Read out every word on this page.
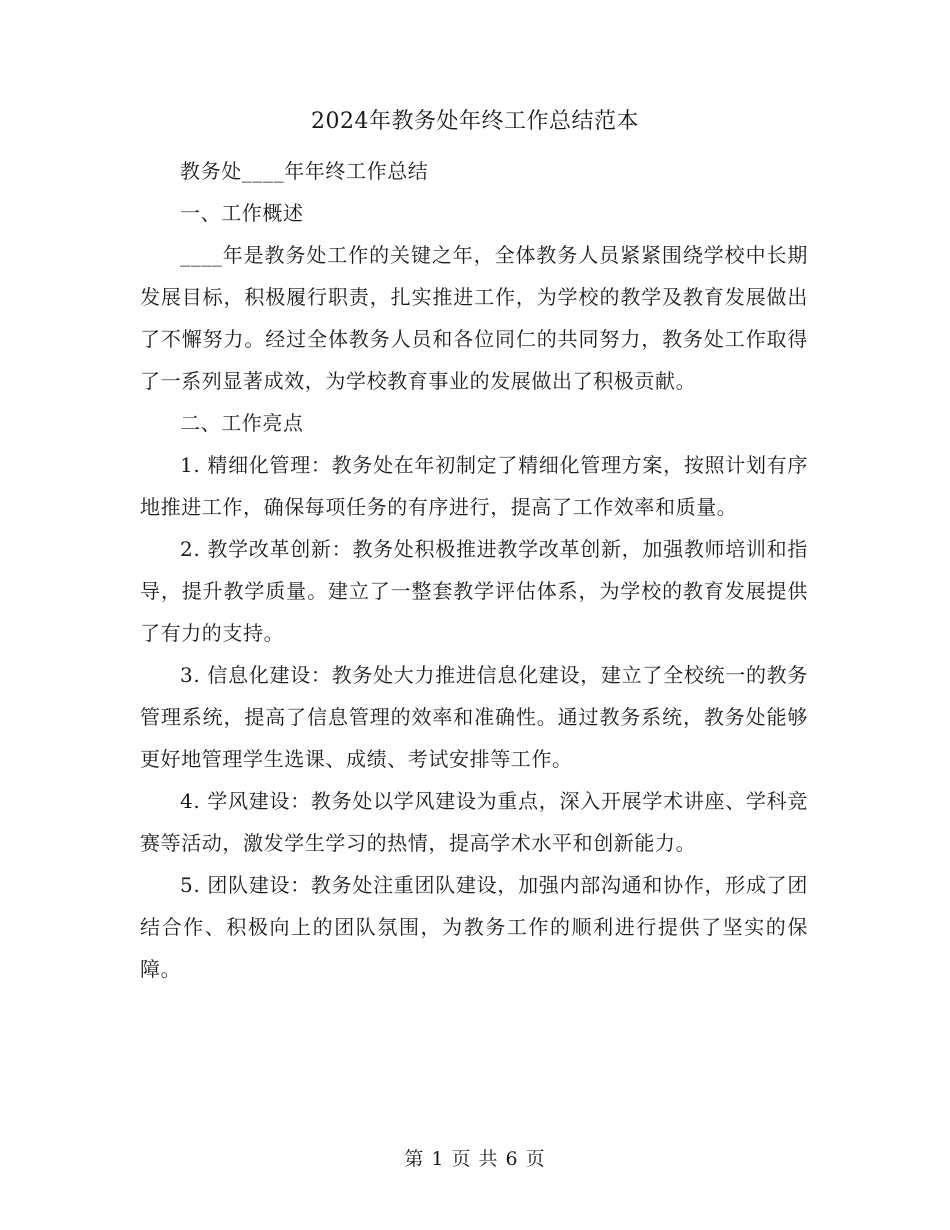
2024年教务处年终工作总结范本

教务处____年年终工作总结

一、工作概述

____年是教务处工作的关键之年，全体教务人员紧紧围绕学校中长期发展目标，积极履行职责，扎实推进工作，为学校的教学及教育发展做出了不懈努力。经过全体教务人员和各位同仁的共同努力，教务处工作取得了一系列显著成效，为学校教育事业的发展做出了积极贡献。

二、工作亮点

1. 精细化管理：教务处在年初制定了精细化管理方案，按照计划有序地推进工作，确保每项任务的有序进行，提高了工作效率和质量。

2. 教学改革创新：教务处积极推进教学改革创新，加强教师培训和指导，提升教学质量。建立了一整套教学评估体系，为学校的教育发展提供了有力的支持。

3. 信息化建设：教务处大力推进信息化建设，建立了全校统一的教务管理系统，提高了信息管理的效率和准确性。通过教务系统，教务处能够更好地管理学生选课、成绩、考试安排等工作。

4. 学风建设：教务处以学风建设为重点，深入开展学术讲座、学科竞赛等活动，激发学生学习的热情，提高学术水平和创新能力。

5. 团队建设：教务处注重团队建设，加强内部沟通和协作，形成了团结合作、积极向上的团队氛围，为教务工作的顺利进行提供了坚实的保障。

第 1 页 共 6 页
